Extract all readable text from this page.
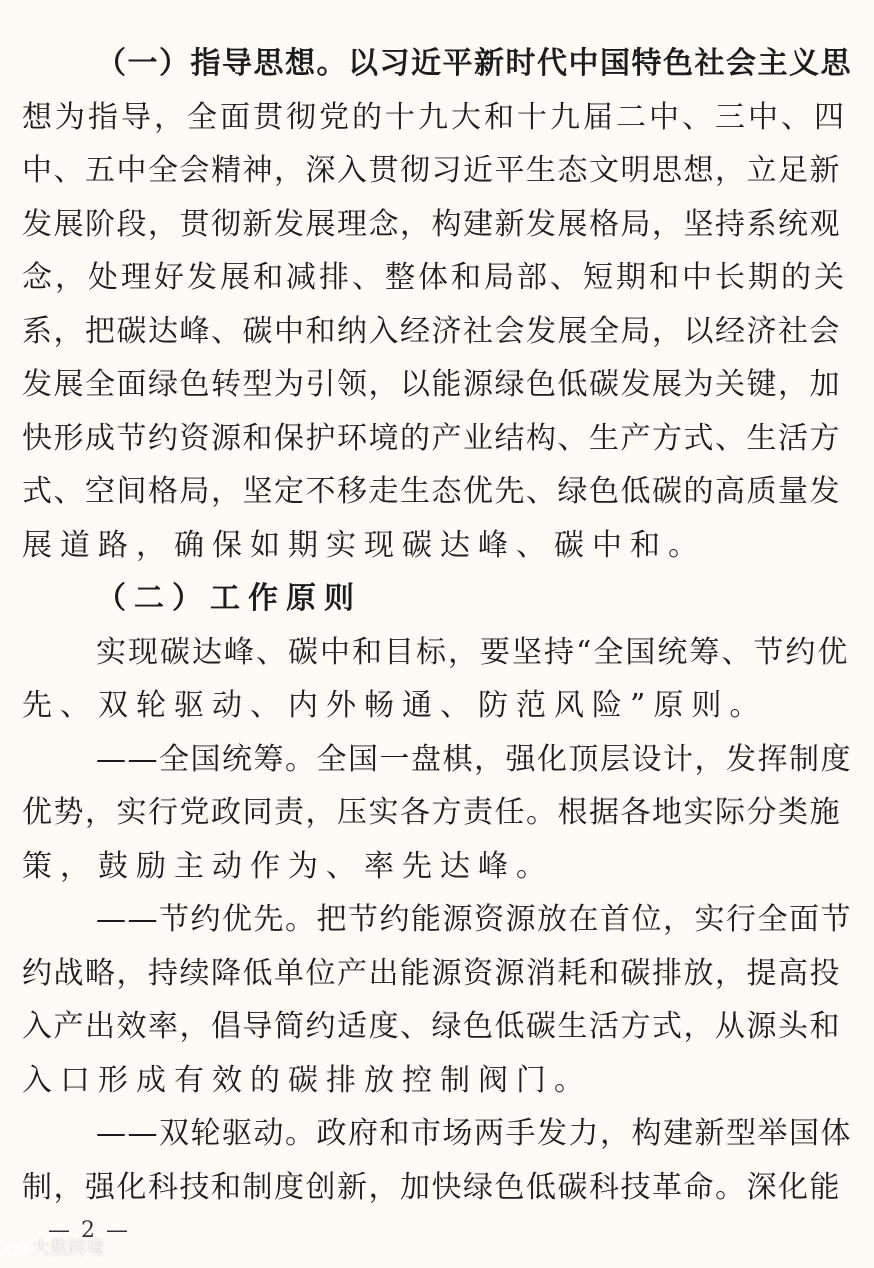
（一）指导思想。以习近平新时代中国特色社会主义思
想为指导，全面贯彻党的十九大和十九届二中、三中、四
中、五中全会精神，深入贯彻习近平生态文明思想，立足新
发展阶段，贯彻新发展理念，构建新发展格局，坚持系统观
念，处理好发展和减排、整体和局部、短期和中长期的关
系，把碳达峰、碳中和纳入经济社会发展全局，以经济社会
发展全面绿色转型为引领，以能源绿色低碳发展为关键，加
快形成节约资源和保护环境的产业结构、生产方式、生活方
式、空间格局，坚定不移走生态优先、绿色低碳的高质量发
展道路，确保如期实现碳达峰、碳中和。
（二）工作原则
实现碳达峰、碳中和目标，要坚持“全国统筹、节约优
先、双轮驱动、内外畅通、防范风险”原则。
——全国统筹。全国一盘棋，强化顶层设计，发挥制度
优势，实行党政同责，压实各方责任。根据各地实际分类施
策，鼓励主动作为、率先达峰。
——节约优先。把节约能源资源放在首位，实行全面节
约战略，持续降低单位产出能源资源消耗和碳排放，提高投
入产出效率，倡导简约适度、绿色低碳生活方式，从源头和
入口形成有效的碳排放控制阀门。
——双轮驱动。政府和市场两手发力，构建新型举国体
制，强化科技和制度创新，加快绿色低碳科技革命。深化能
— 2 —
大数跨境
